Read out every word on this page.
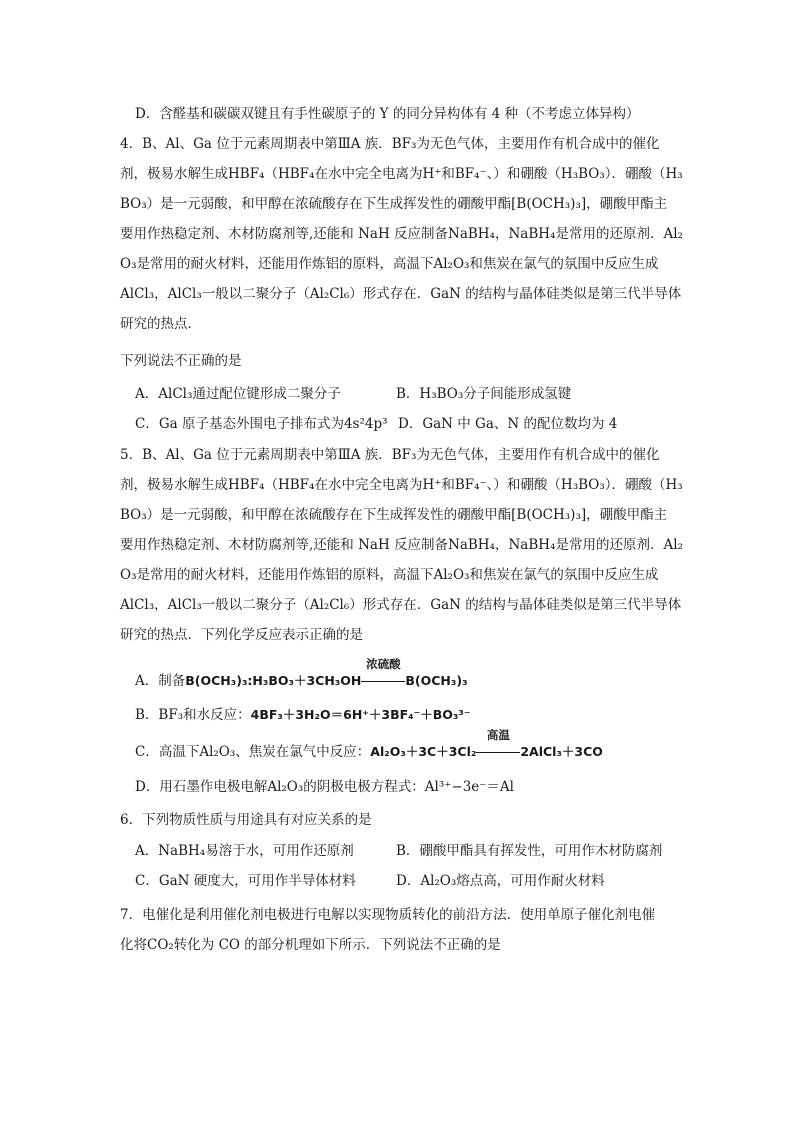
D．含醛基和碳碳双键且有手性碳原子的 Y 的同分异构体有 4 种（不考虑立体异构）
4．B、Al、Ga 位于元素周期表中第ⅢA 族．BF₃为无色气体，主要用作有机合成中的催化
剂，极易水解生成HBF₄（HBF₄在水中完全电离为H⁺和BF₄⁻、）和硼酸（H₃BO₃）．硼酸（H₃
BO₃）是一元弱酸，和甲醇在浓硫酸存在下生成挥发性的硼酸甲酯[B(OCH₃)₃]，硼酸甲酯主
要用作热稳定剂、木材防腐剂等,还能和 NaH 反应制备NaBH₄，NaBH₄是常用的还原剂．Al₂
O₃是常用的耐火材料，还能用作炼铝的原料，高温下Al₂O₃和焦炭在氯气的氛围中反应生成
AlCl₃，AlCl₃一般以二聚分子（Al₂Cl₆）形式存在．GaN 的结构与晶体硅类似是第三代半导体
研究的热点．
下列说法不正确的是
A．AlCl₃通过配位键形成二聚分子	B．H₃BO₃分子间能形成氢键
C．Ga 原子基态外围电子排布式为4s²4p³ D．GaN 中 Ga、N 的配位数均为 4
5．B、Al、Ga 位于元素周期表中第ⅢA 族．BF₃为无色气体，主要用作有机合成中的催化
剂，极易水解生成HBF₄（HBF₄在水中完全电离为H⁺和BF₄⁻、）和硼酸（H₃BO₃）．硼酸（H₃
BO₃）是一元弱酸，和甲醇在浓硫酸存在下生成挥发性的硼酸甲酯[B(OCH₃)₃]，硼酸甲酯主
要用作热稳定剂、木材防腐剂等,还能和 NaH 反应制备NaBH₄，NaBH₄是常用的还原剂．Al₂
O₃是常用的耐火材料，还能用作炼铝的原料，高温下Al₂O₃和焦炭在氯气的氛围中反应生成
AlCl₃，AlCl₃一般以二聚分子（Al₂Cl₆）形式存在．GaN 的结构与晶体硅类似是第三代半导体
研究的热点．下列化学反应表示正确的是
A．制备B(OCH₃)₃:H₃BO₃＋3CH₃OH
浓硫酸
B(OCH₃)₃
B．BF₃和水反应：4BF₃＋3H₂O＝6H⁺＋3BF₄⁻＋BO₃³⁻
C．高温下Al₂O₃、焦炭在氯气中反应：Al₂O₃＋3C＋3Cl₂
高温
2AlCl₃＋3CO
D．用石墨作电极电解Al₂O₃的阴极电极方程式：Al³⁺−3e⁻＝Al
6．下列物质性质与用途具有对应关系的是
A．NaBH₄易溶于水，可用作还原剂	B．硼酸甲酯具有挥发性，可用作木材防腐剂
C．GaN 硬度大，可用作半导体材料	D．Al₂O₃熔点高，可用作耐火材料
7．电催化是利用催化剂电极进行电解以实现物质转化的前沿方法．使用单原子催化剂电催
化将CO₂转化为 CO 的部分机理如下所示．下列说法不正确的是
